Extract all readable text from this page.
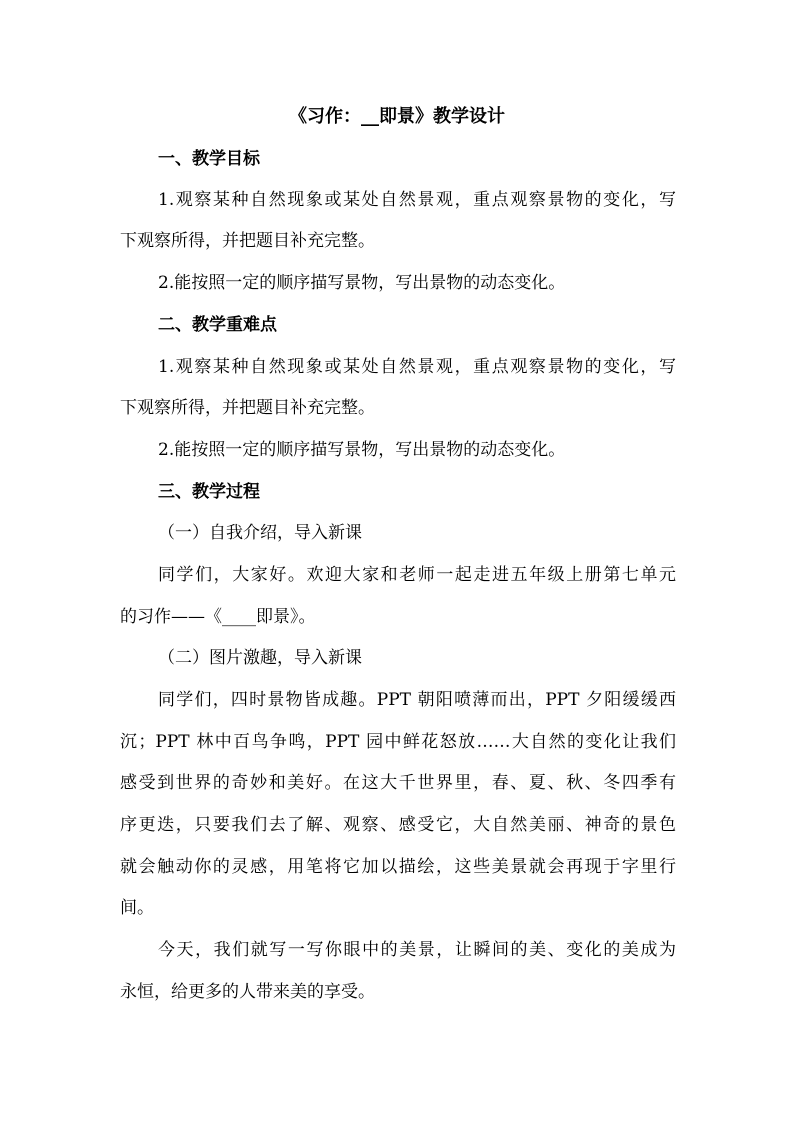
《习作：__即景》教学设计
一、教学目标
1.观察某种自然现象或某处自然景观，重点观察景物的变化，写
下观察所得，并把题目补充完整。
2.能按照一定的顺序描写景物，写出景物的动态变化。
二、教学重难点
1.观察某种自然现象或某处自然景观，重点观察景物的变化，写
下观察所得，并把题目补充完整。
2.能按照一定的顺序描写景物，写出景物的动态变化。
三、教学过程
（一）自我介绍，导入新课
同学们，大家好。欢迎大家和老师一起走进五年级上册第七单元
的习作——《____即景》。
（二）图片激趣，导入新课
同学们，四时景物皆成趣。PPT 朝阳喷薄而出，PPT 夕阳缓缓西
沉；PPT 林中百鸟争鸣，PPT 园中鲜花怒放……大自然的变化让我们
感受到世界的奇妙和美好。在这大千世界里，春、夏、秋、冬四季有
序更迭，只要我们去了解、观察、感受它，大自然美丽、神奇的景色
就会触动你的灵感，用笔将它加以描绘，这些美景就会再现于字里行
间。
今天，我们就写一写你眼中的美景，让瞬间的美、变化的美成为
永恒，给更多的人带来美的享受。
